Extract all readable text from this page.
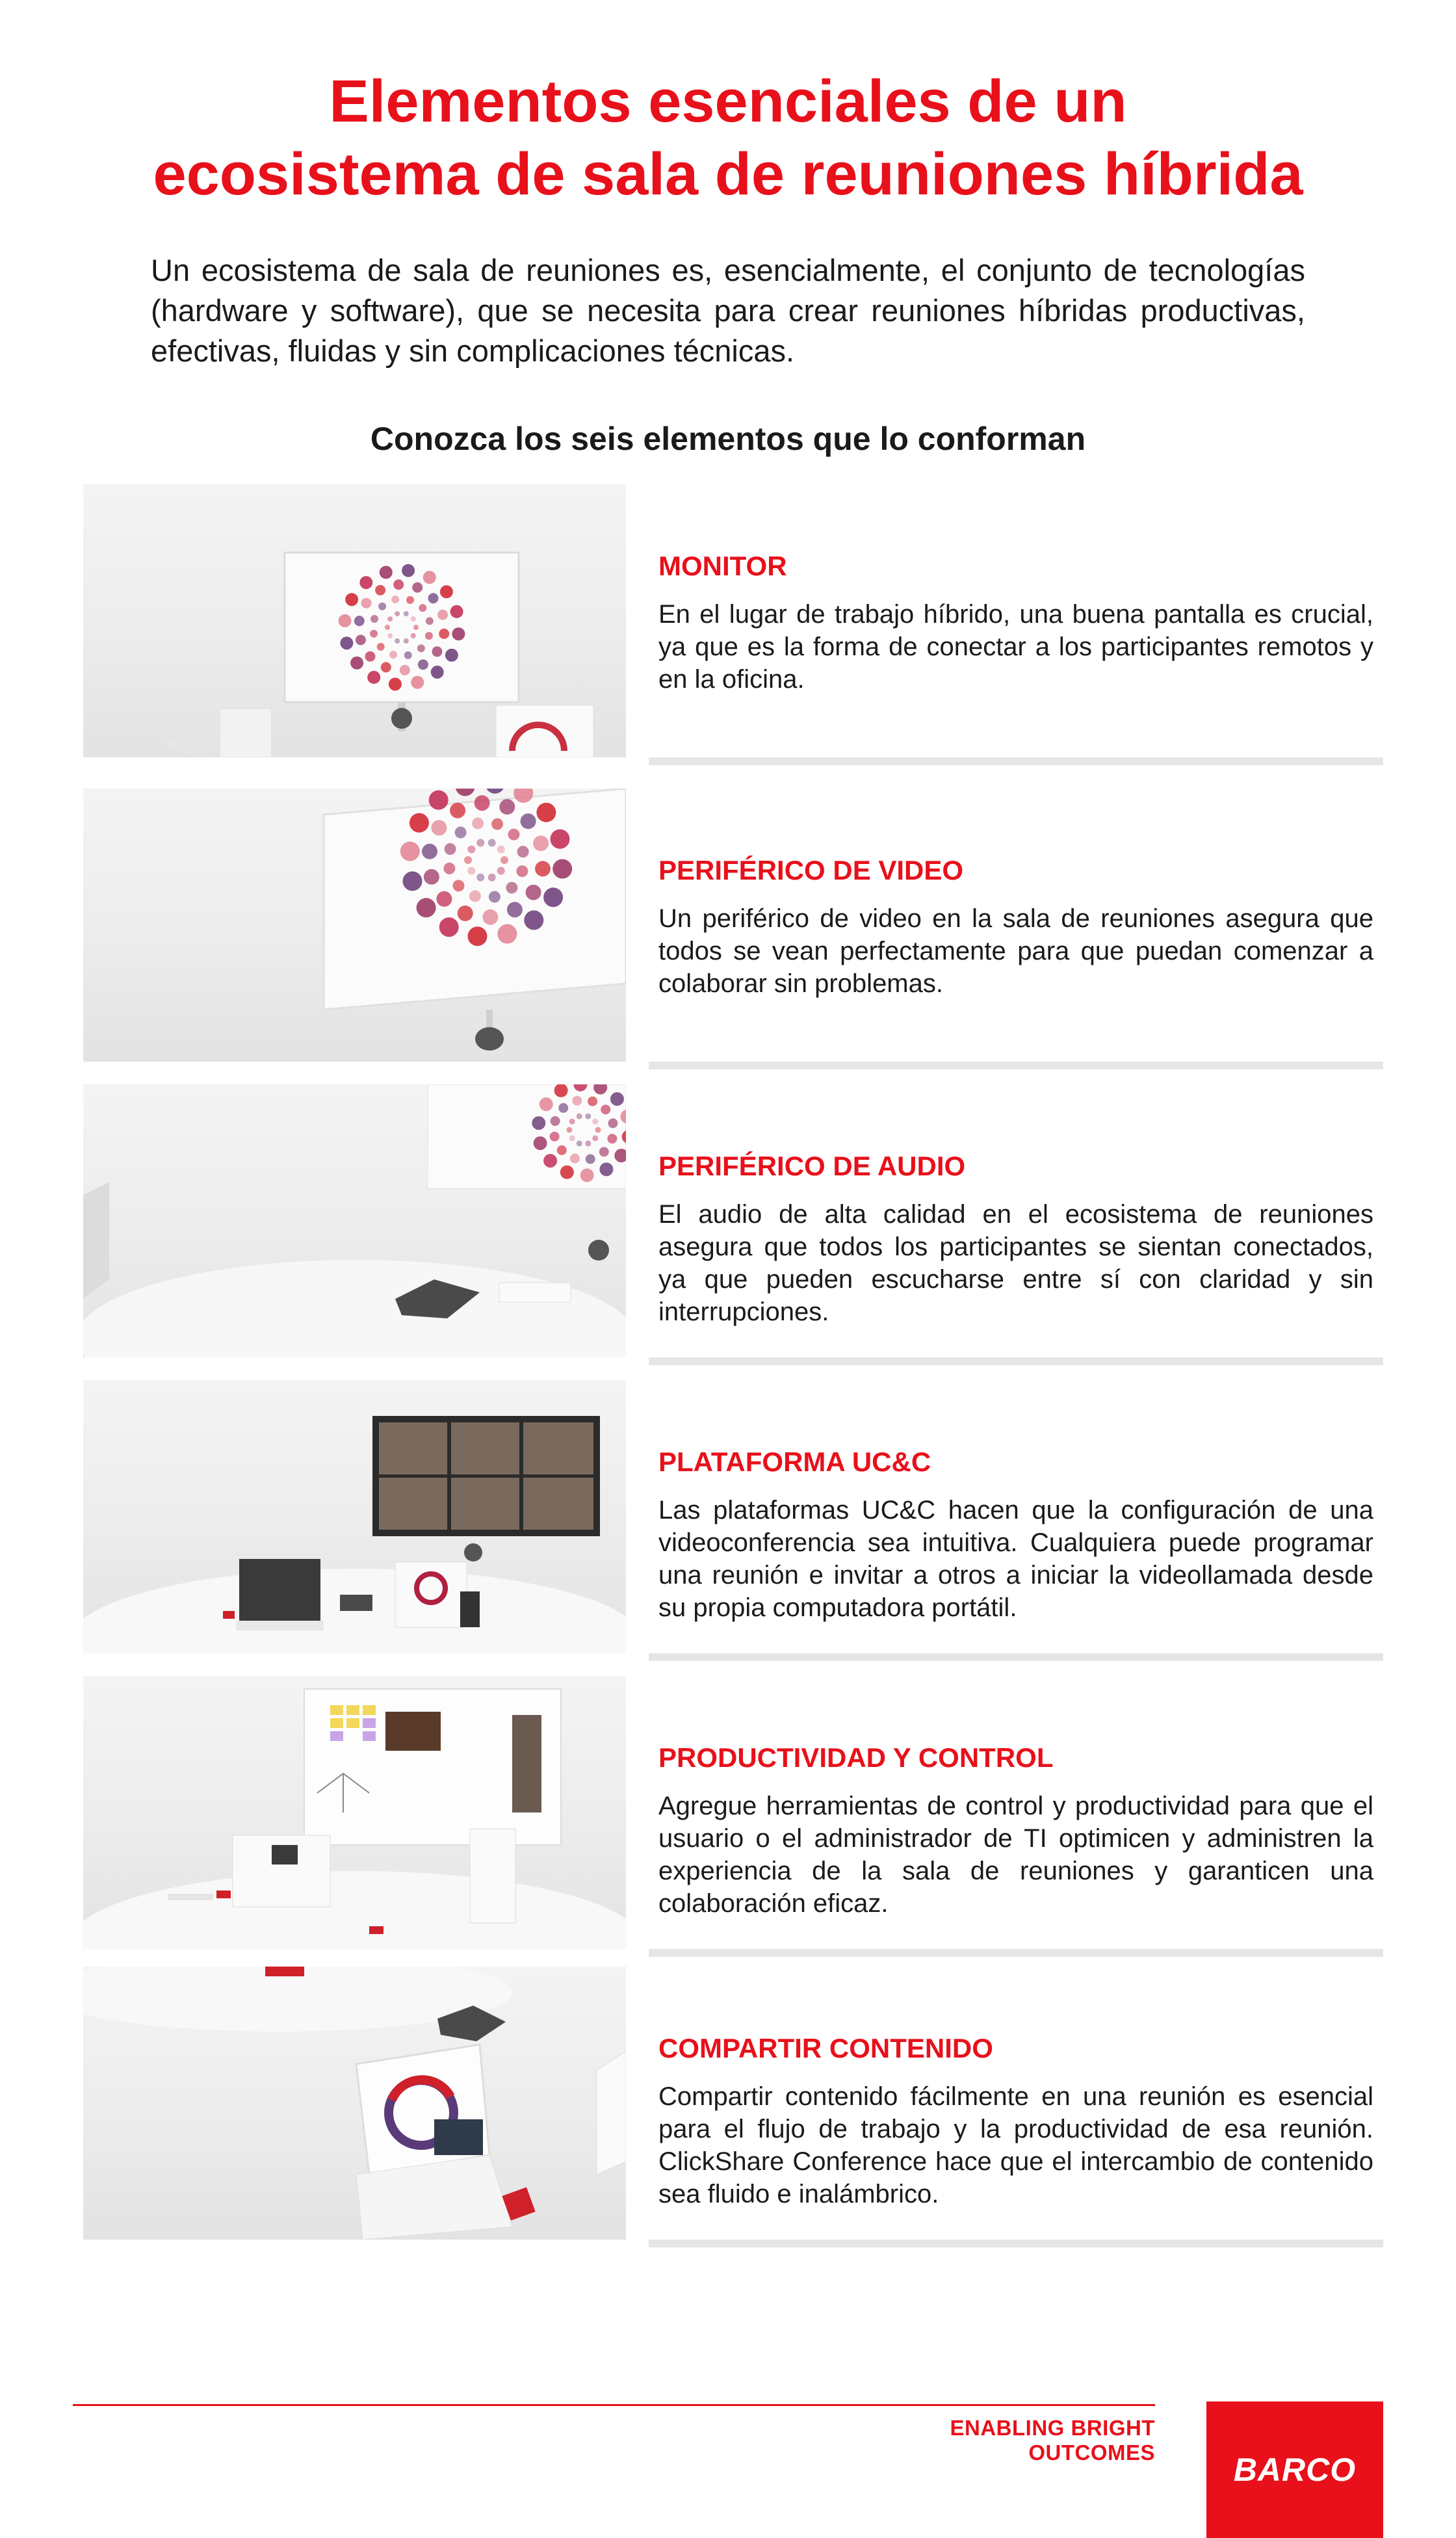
Elementos esenciales de un
ecosistema de sala de reuniones híbrida

Un ecosistema de sala de reuniones es, esencialmente, el conjunto de tecnologías (hardware y software), que se necesita para crear reuniones híbridas productivas, efectivas, fluidas y sin complicaciones técnicas.

Conozca los seis elementos que lo conforman
MONITOR
En el lugar de trabajo híbrido, una buena pantalla es crucial, ya que es la forma de conectar a los participantes remotos y en la oficina.
PERIFÉRICO DE VIDEO
Un periférico de video en la sala de reuniones asegura que todos se vean perfectamente para que puedan comenzar a colaborar sin problemas.
PERIFÉRICO DE AUDIO
El audio de alta calidad en el ecosistema de reuniones asegura que todos los participantes se sientan conectados, ya que pueden escucharse entre sí con claridad y sin interrupciones.
PLATAFORMA UC&C
Las plataformas UC&C hacen que la configuración de una videoconferencia sea intuitiva. Cualquiera puede programar una reunión e invitar a otros a iniciar la videollamada desde su propia computadora portátil.
PRODUCTIVIDAD Y CONTROL
Agregue herramientas de control y productividad para que el usuario o el administrador de TI optimicen y administren la experiencia de la sala de reuniones y garanticen una colaboración eficaz.
COMPARTIR CONTENIDO
Compartir contenido fácilmente en una reunión es esencial para el flujo de trabajo y la productividad de esa reunión. ClickShare Conference hace que el intercambio de contenido sea fluido e inalámbrico.
ENABLING BRIGHT OUTCOMES	BARCO
